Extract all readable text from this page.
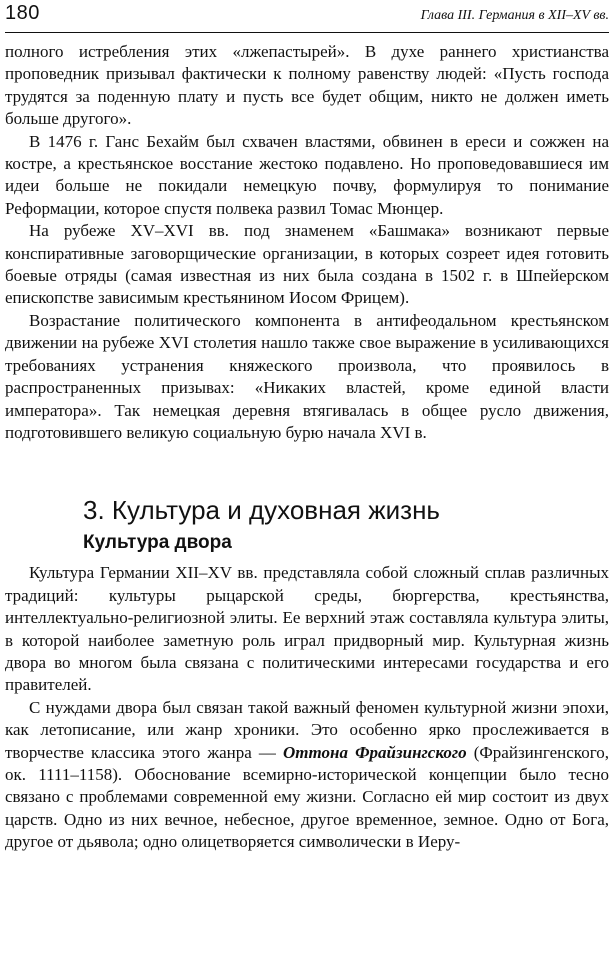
180	Глава III. Германия в XII–XV вв.

полного истребления этих «лжепастырей». В духе раннего христианства проповедник призывал фактически к полному равенству людей: «Пусть господа трудятся за поденную плату и пусть все будет общим, никто не должен иметь больше другого».

В 1476 г. Ганс Бехайм был схвачен властями, обвинен в ереси и сожжен на костре, а крестьянское восстание жестоко подавлено. Но проповедовавшиеся им идеи больше не покидали немецкую почву, формулируя то понимание Реформации, которое спустя полвека развил Томас Мюнцер.

На рубеже XV–XVI вв. под знаменем «Башмака» возникают первые конспиративные заговорщические организации, в которых созреет идея готовить боевые отряды (самая известная из них была создана в 1502 г. в Шпейерском епископстве зависимым крестьянином Иосом Фрицем).

Возрастание политического компонента в антифеодальном крестьянском движении на рубеже XVI столетия нашло также свое выражение в усиливающихся требованиях устранения княжеского произвола, что проявилось в распространенных призывах: «Никаких властей, кроме единой власти императора». Так немецкая деревня втягивалась в общее русло движения, подготовившего великую социальную бурю начала XVI в.

3. Культура и духовная жизнь
Культура двора

Культура Германии XII–XV вв. представляла собой сложный сплав различных традиций: культуры рыцарской среды, бюргерства, крестьянства, интеллектуально-религиозной элиты. Ее верхний этаж составляла культура элиты, в которой наиболее заметную роль играл придворный мир. Культурная жизнь двора во многом была связана с политическими интересами государства и его правителей.

С нуждами двора был связан такой важный феномен культурной жизни эпохи, как летописание, или жанр хроники. Это особенно ярко прослеживается в творчестве классика этого жанра — Оттона Фрайзингского (Фрайзингенского, ок. 1111–1158). Обоснование всемирно-исторической концепции было тесно связано с проблемами современной ему жизни. Согласно ей мир состоит из двух царств. Одно из них вечное, небесное, другое временное, земное. Одно от Бога, другое от дьявола; одно олицетворяется символически в Иеру-
